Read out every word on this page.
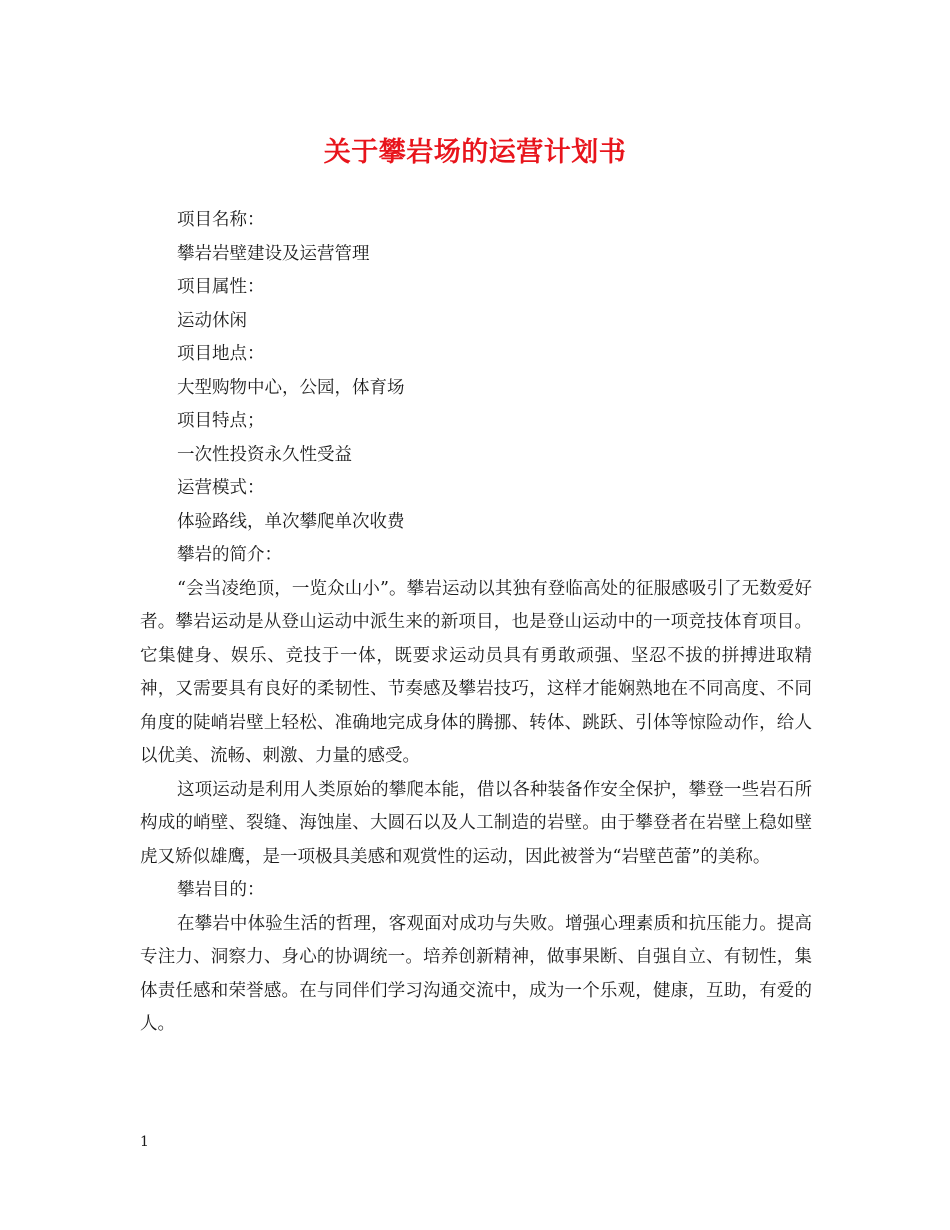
关于攀岩场的运营计划书

项目名称：

攀岩岩壁建设及运营管理

项目属性：

运动休闲

项目地点：

大型购物中心，公园，体育场

项目特点；

一次性投资永久性受益

运营模式：

体验路线，单次攀爬单次收费

攀岩的简介：

“会当凌绝顶，一览众山小”。攀岩运动以其独有登临高处的征服感吸引了无数爱好者。攀岩运动是从登山运动中派生来的新项目，也是登山运动中的一项竞技体育项目。它集健身、娱乐、竞技于一体，既要求运动员具有勇敢顽强、坚忍不拔的拼搏进取精神，又需要具有良好的柔韧性、节奏感及攀岩技巧，这样才能娴熟地在不同高度、不同角度的陡峭岩壁上轻松、准确地完成身体的腾挪、转体、跳跃、引体等惊险动作，给人以优美、流畅、刺激、力量的感受。

这项运动是利用人类原始的攀爬本能，借以各种装备作安全保护，攀登一些岩石所构成的峭壁、裂缝、海蚀崖、大圆石以及人工制造的岩壁。由于攀登者在岩壁上稳如壁虎又矫似雄鹰，是一项极具美感和观赏性的运动，因此被誉为“岩壁芭蕾”的美称。

攀岩目的：

在攀岩中体验生活的哲理，客观面对成功与失败。增强心理素质和抗压能力。提高专注力、洞察力、身心的协调统一。培养创新精神，做事果断、自强自立、有韧性，集体责任感和荣誉感。在与同伴们学习沟通交流中，成为一个乐观，健康，互助，有爱的人。

1
